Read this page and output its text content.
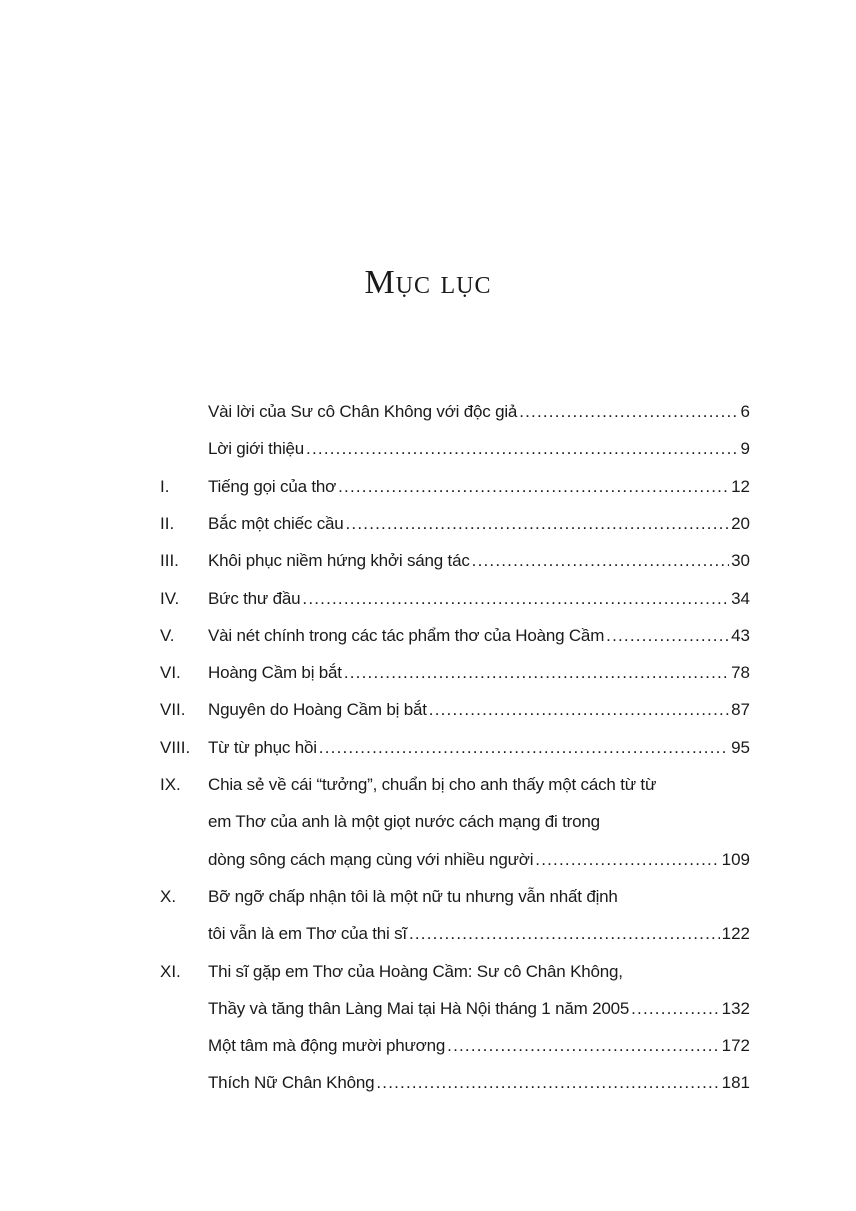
Mục lục
Vài lời của Sư cô Chân Không với độc giả .....	6
Lời giới thiệu .....	9
I.	Tiếng gọi của thơ .....	12
II.	Bắc một chiếc cầu .....	20
III.	Khôi phục niềm hứng khởi sáng tác .....	30
IV.	Bức thư đầu .....	34
V.	Vài nét chính trong các tác phẩm thơ của Hoàng Cầm .....	43
VI.	Hoàng Cầm bị bắt .....	78
VII.	Nguyên do Hoàng Cầm bị bắt .....	87
VIII.	Từ từ phục hồi .....	95
IX.	Chia sẻ về cái “tưởng”, chuẩn bị cho anh thấy một cách từ từ
em Thơ của anh là một giọt nước cách mạng đi trong
dòng sông cách mạng cùng với nhiều người .....	109
X.	Bỡ ngỡ chấp nhận tôi là một nữ tu nhưng vẫn nhất định
tôi vẫn là em Thơ của thi sĩ .....	122
XI.	Thi sĩ gặp em Thơ của Hoàng Cầm: Sư cô Chân Không,
Thầy và tăng thân Làng Mai tại Hà Nội tháng 1 năm 2005 .....	132
Một tâm mà động mười phương .....	172
Thích Nữ Chân Không .....	181
